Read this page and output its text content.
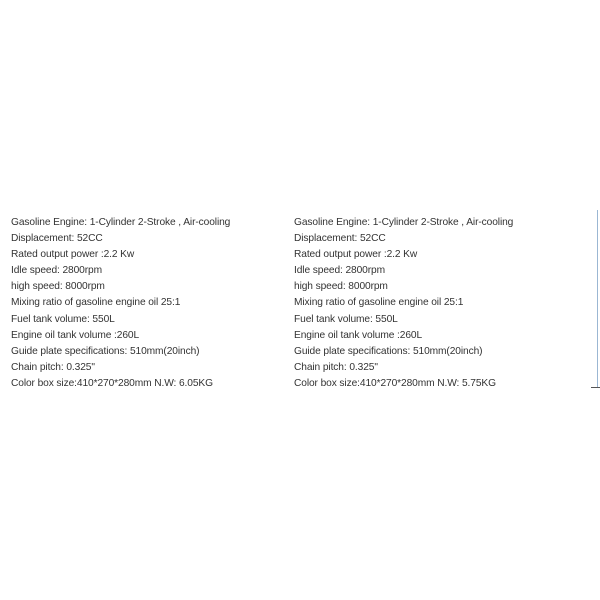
Gasoline Engine: 1-Cylinder 2-Stroke , Air-cooling
Displacement: 52CC
Rated output power :2.2 Kw
Idle speed: 2800rpm
high speed: 8000rpm
Mixing ratio of gasoline engine oil 25:1
Fuel tank volume: 550L
Engine oil tank volume :260L
Guide plate specifications: 510mm(20inch)
Chain pitch: 0.325"
Color box size:410*270*280mm N.W: 6.05KG
Gasoline Engine: 1-Cylinder 2-Stroke , Air-cooling
Displacement: 52CC
Rated output power :2.2 Kw
Idle speed: 2800rpm
high speed: 8000rpm
Mixing ratio of gasoline engine oil 25:1
Fuel tank volume: 550L
Engine oil tank volume :260L
Guide plate specifications: 510mm(20inch)
Chain pitch: 0.325"
Color box size:410*270*280mm N.W: 5.75KG
